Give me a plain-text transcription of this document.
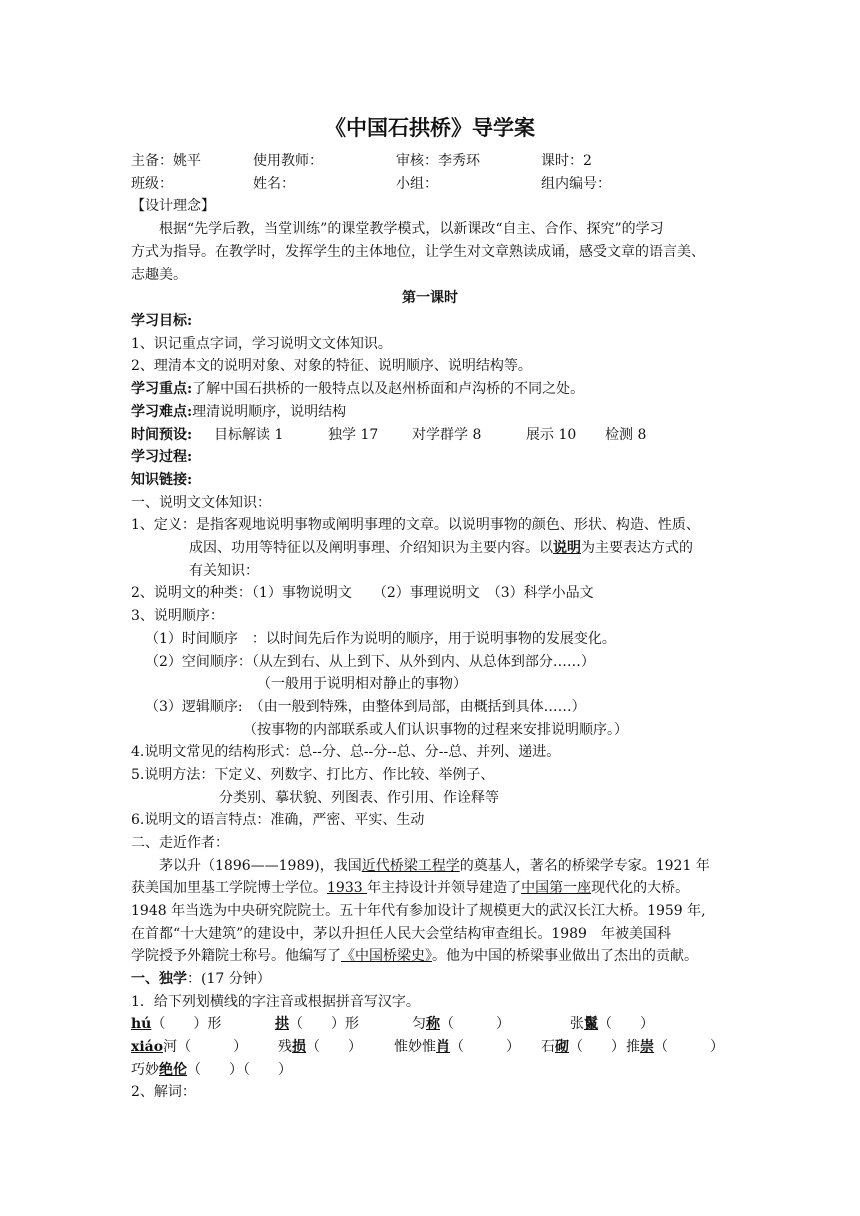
《中国石拱桥》导学案
主备：姚平	使用教师：	审核：李秀环	课时：2
班级：	姓名：	小组：	组内编号：
【设计理念】
根据“先学后教，当堂训练”的课堂教学模式，以新课改“自主、合作、探究”的学习
方式为指导。在教学时，发挥学生的主体地位，让学生对文章熟读成诵，感受文章的语言美、
志趣美。
第一课时
学习目标:
1、识记重点字词，学习说明文文体知识。
2、理清本文的说明对象、对象的特征、说明顺序、说明结构等。
学习重点:了解中国石拱桥的一般特点以及赵州桥面和卢沟桥的不同之处。
学习难点:理清说明顺序，说明结构
时间预设: 目标解读 1	独学 17 对学群学 8	展示 10 检测 8
学习过程:
知识链接:
一、说明文文体知识：
1、定义：是指客观地说明事物或阐明事理的文章。以说明事物的颜色、形状、构造、性质、
成因、功用等特征以及阐明事理、介绍知识为主要内容。以说明为主要表达方式的
有关知识：
2、说明文的种类：（1）事物说明文　　（2）事理说明文　（3）科学小品文
3、说明顺序：
（1）时间顺序　：以时间先后作为说明的顺序，用于说明事物的发展变化。
（2）空间顺序：（从左到右、从上到下、从外到内、从总体到部分……）
（一般用于说明相对静止的事物）
（3）逻辑顺序:　（由一般到特殊，由整体到局部，由概括到具体……）
（按事物的内部联系或人们认识事物的过程来安排说明顺序。）
4.说明文常见的结构形式：总--分、总--分--总、分--总、并列、递进。
5.说明方法：下定义、列数字、打比方、作比较、举例子、
分类别、摹状貌、列图表、作引用、作诠释等
6.说明文的语言特点：准确，严密、平实、生动
二、走近作者：
茅以升（1896——1989)，我国近代桥梁工程学的奠基人，著名的桥梁学专家。1921 年
获美国加里基工学院博士学位。1933 年主持设计并领导建造了中国第一座现代化的大桥。
1948 年当选为中央研究院院士。五十年代有参加设计了规模更大的武汉长江大桥。1959 年,
在首都“十大建筑”的建设中，茅以升担任人民大会堂结构审查组长。1989　年被美国科
学院授予外籍院士称号。他编写了《中国桥梁史》。他为中国的桥梁事业做出了杰出的贡献。
一、独学：(17 分钟）
1．给下列划横线的字注音或根据拼音写汉字。
hú（　　）形	拱（　　）形	匀称（　　　）	张鬣（　　）
xiáo河（　　　） 残损（　　） 惟妙惟肖（　　　） 石砌（　　） 推崇（　　　）
巧妙绝伦（　　）（　　）
2、解词：
